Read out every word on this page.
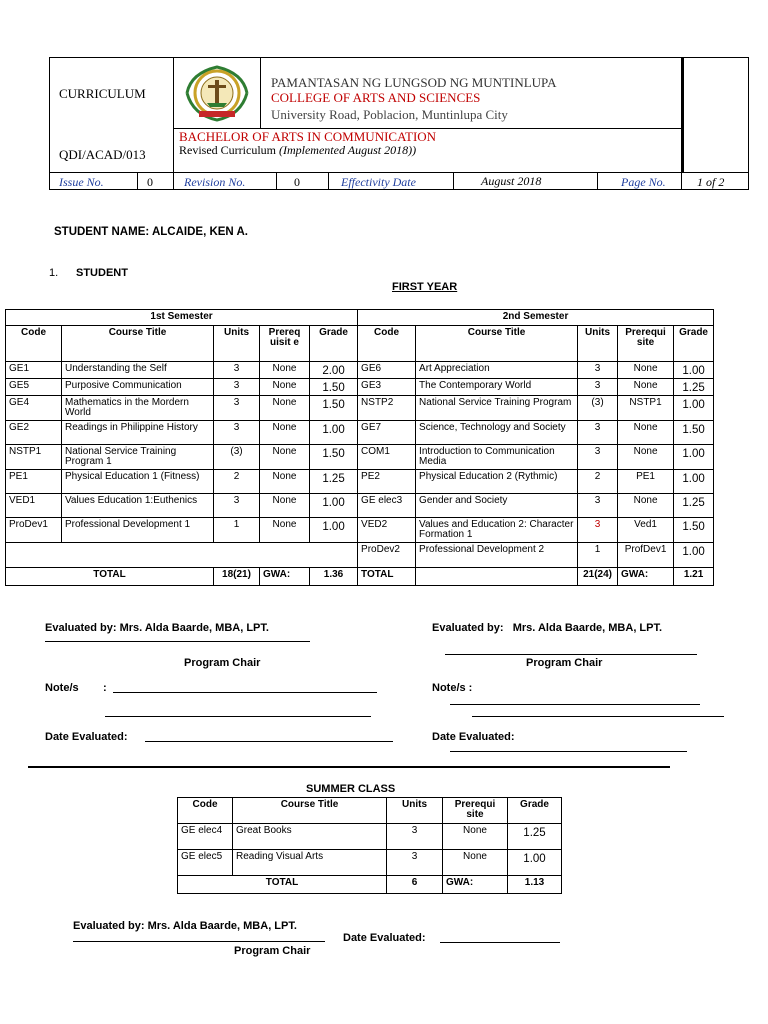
CURRICULUM
PAMANTASAN NG LUNGSOD NG MUNTINLUPA
COLLEGE OF ARTS AND SCIENCES
University Road, Poblacion, Muntinlupa City
QDI/ACAD/013
BACHELOR OF ARTS IN COMMUNICATION
Revised Curriculum (Implemented August 2018))
Issue No.	0	Revision No.	0	Effectivity Date	August 2018	Page No.	1 of 2
STUDENT NAME: ALCAIDE, KEN A.
1. STUDENT
FIRST YEAR
1st Semester					2nd Semester				
Code	Course Title	Units	Prereq uisit e	Grade	Code	Course Title	Units	Prerequi site	Grade
GE1	Understanding the Self	3	None	2.00	GE6	Art Appreciation	3	None	1.00
GE5	Purposive Communication	3	None	1.50	GE3	The Contemporary World	3	None	1.25
GE4	Mathematics in the Mordern World	3	None	1.50	NSTP2	National Service Training Program	(3)	NSTP1	1.00
GE2	Readings in Philippine History	3	None	1.00	GE7	Science, Technology and Society	3	None	1.50
NSTP1	National Service Training Program 1	(3)	None	1.50	COM1	Introduction to Communication Media	3	None	1.00
PE1	Physical Education 1 (Fitness)	2	None	1.25	PE2	Physical Education 2 (Rythmic)	2	PE1	1.00
VED1	Values Education 1:Euthenics	3	None	1.00	GE elec3	Gender and Society	3	None	1.25
ProDev1	Professional Development 1	1	None	1.00	VED2	Values and Education 2: Character Formation 1	3	Ved1	1.50
					ProDev2	Professional Development 2	1	ProfDev1	1.00
TOTAL		18(21)	GWA:	1.36	TOTAL		21(24)	GWA:	1.21
Evaluated by: Mrs. Alda Baarde, MBA, LPT.
Program Chair
Evaluated by: Mrs. Alda Baarde, MBA, LPT.
Program Chair
Note/s :	Note/s :
Date Evaluated:	Date Evaluated:
SUMMER CLASS
Code	Course Title	Units	Prerequi site	Grade
GE elec4	Great Books	3	None	1.25
GE elec5	Reading Visual Arts	3	None	1.00
TOTAL		6	GWA:	1.13
Evaluated by: Mrs. Alda Baarde, MBA, LPT.
Date Evaluated:
Program Chair
